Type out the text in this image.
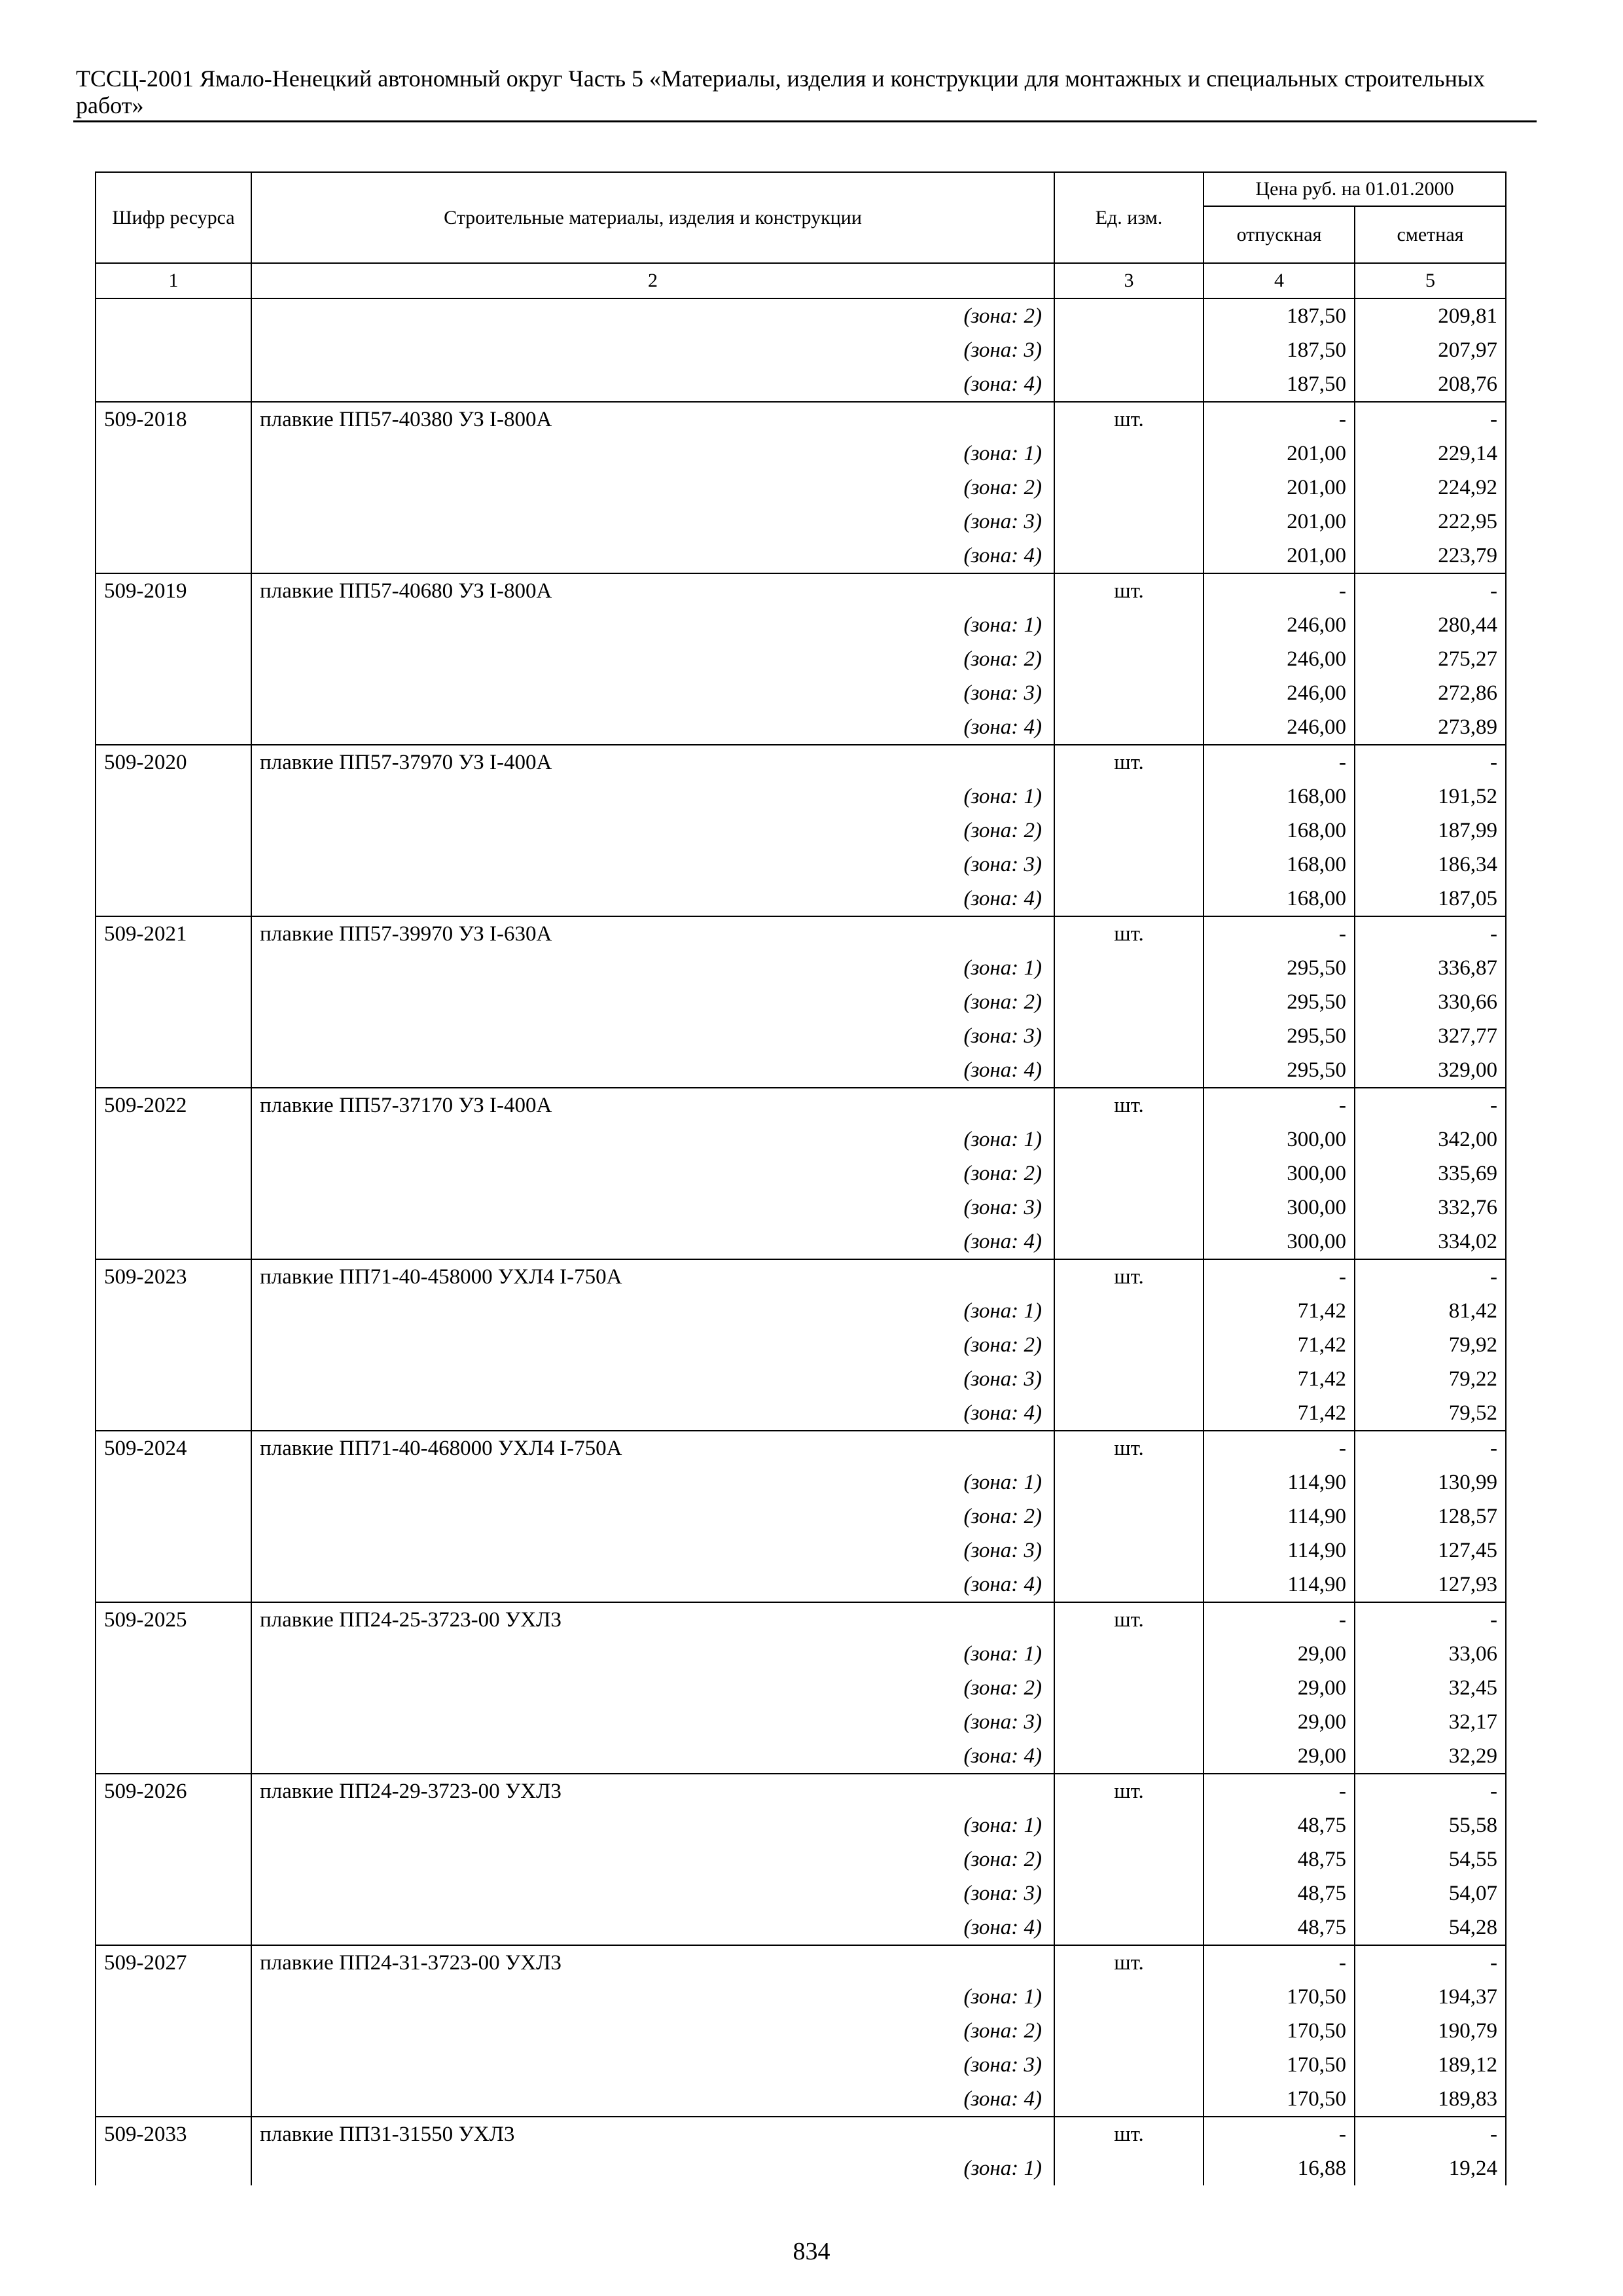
ТССЦ-2001 Ямало-Ненецкий автономный округ Часть 5 «Материалы, изделия и конструкции для монтажных и специальных строительных работ»
Шифр ресурса	Строительные материалы, изделия и конструкции	Ед. изм.	Цена руб. на 01.01.2000	
			отпускная	сметная
1	2	3	4	5
	(зона: 2)		187,50	209,81
	(зона: 3)		187,50	207,97
	(зона: 4)		187,50	208,76
509-2018	плавкие ПП57-40380 УЗ I-800А	шт.	-	-
	(зона: 1)		201,00	229,14
	(зона: 2)		201,00	224,92
	(зона: 3)		201,00	222,95
	(зона: 4)		201,00	223,79
509-2019	плавкие ПП57-40680 УЗ I-800А	шт.	-	-
	(зона: 1)		246,00	280,44
	(зона: 2)		246,00	275,27
	(зона: 3)		246,00	272,86
	(зона: 4)		246,00	273,89
509-2020	плавкие ПП57-37970 УЗ I-400А	шт.	-	-
	(зона: 1)		168,00	191,52
	(зона: 2)		168,00	187,99
	(зона: 3)		168,00	186,34
	(зона: 4)		168,00	187,05
509-2021	плавкие ПП57-39970 УЗ I-630А	шт.	-	-
	(зона: 1)		295,50	336,87
	(зона: 2)		295,50	330,66
	(зона: 3)		295,50	327,77
	(зона: 4)		295,50	329,00
509-2022	плавкие ПП57-37170 УЗ I-400А	шт.	-	-
	(зона: 1)		300,00	342,00
	(зона: 2)		300,00	335,69
	(зона: 3)		300,00	332,76
	(зона: 4)		300,00	334,02
509-2023	плавкие ПП71-40-458000 УХЛ4 I-750А	шт.	-	-
	(зона: 1)		71,42	81,42
	(зона: 2)		71,42	79,92
	(зона: 3)		71,42	79,22
	(зона: 4)		71,42	79,52
509-2024	плавкие ПП71-40-468000 УХЛ4 I-750А	шт.	-	-
	(зона: 1)		114,90	130,99
	(зона: 2)		114,90	128,57
	(зона: 3)		114,90	127,45
	(зона: 4)		114,90	127,93
509-2025	плавкие ПП24-25-3723-00 УХЛ3	шт.	-	-
	(зона: 1)		29,00	33,06
	(зона: 2)		29,00	32,45
	(зона: 3)		29,00	32,17
	(зона: 4)		29,00	32,29
509-2026	плавкие ПП24-29-3723-00 УХЛ3	шт.	-	-
	(зона: 1)		48,75	55,58
	(зона: 2)		48,75	54,55
	(зона: 3)		48,75	54,07
	(зона: 4)		48,75	54,28
509-2027	плавкие ПП24-31-3723-00 УХЛ3	шт.	-	-
	(зона: 1)		170,50	194,37
	(зона: 2)		170,50	190,79
	(зона: 3)		170,50	189,12
	(зона: 4)		170,50	189,83
509-2033	плавкие ПП31-31550 УХЛ3	шт.	-	-
	(зона: 1)		16,88	19,24
834
